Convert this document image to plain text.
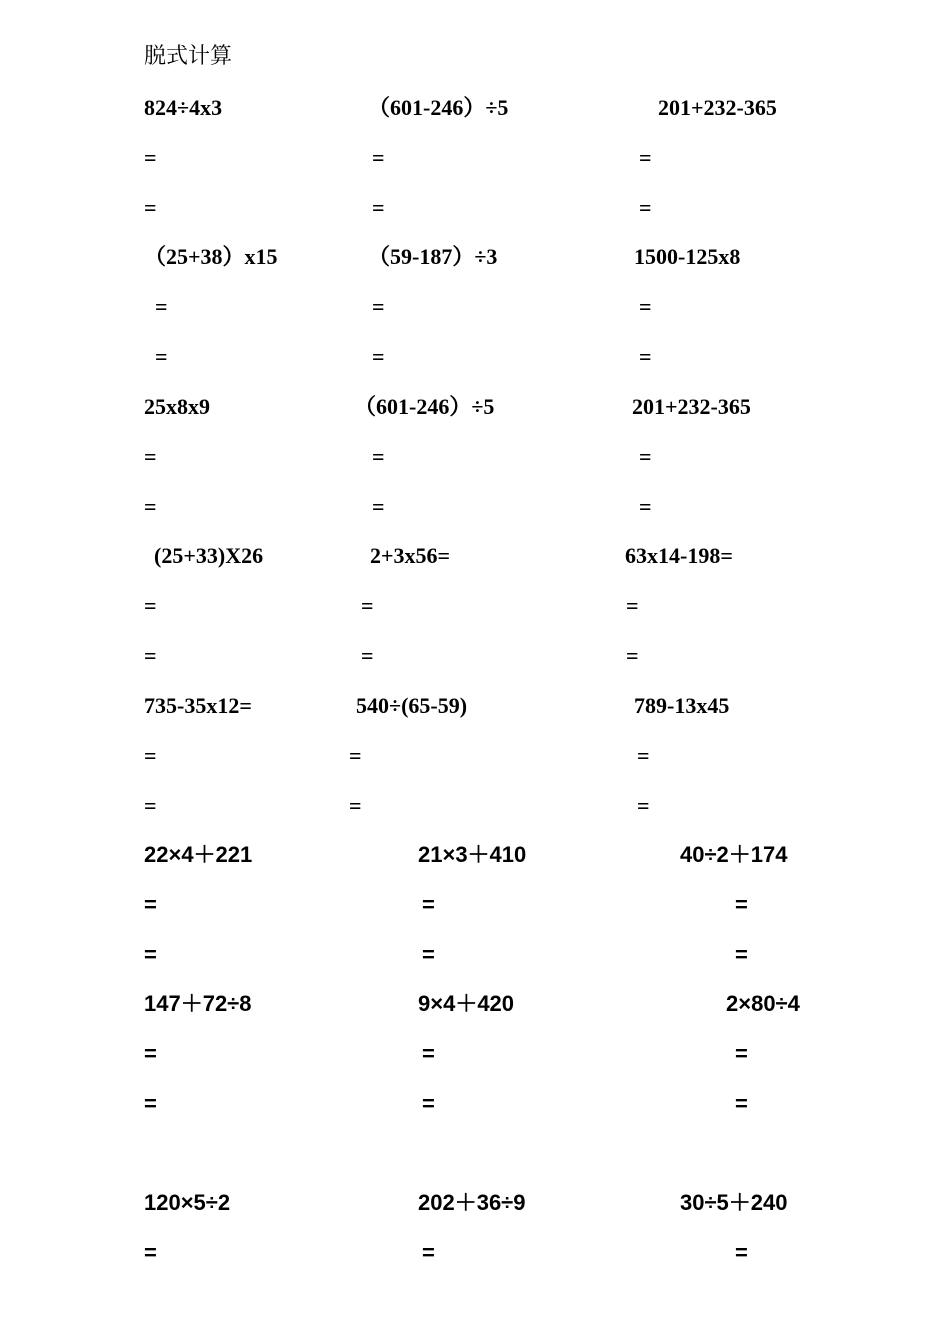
脱式计算
824÷4x3
=
=
（601-246）÷5
=
=
201+232-365
=
=
（25+38）x15
=
=
（59-187）÷3
=
=
1500-125x8
=
=
25x8x9
=
=
（601-246）÷5
=
=
201+232-365
=
=
(25+33)X26
=
=
2+3x56=
=
=
63x14-198=
=
=
735-35x12=
=
=
540÷(65-59)
=
=
789-13x45
=
=
22×4＋221
=
=
21×3＋410
=
=
40÷2＋174
=
=
147＋72÷8
=
=
9×4＋420
=
=
2×80÷4
=
=
120×5÷2
=
202＋36÷9
=
30÷5＋240
=
